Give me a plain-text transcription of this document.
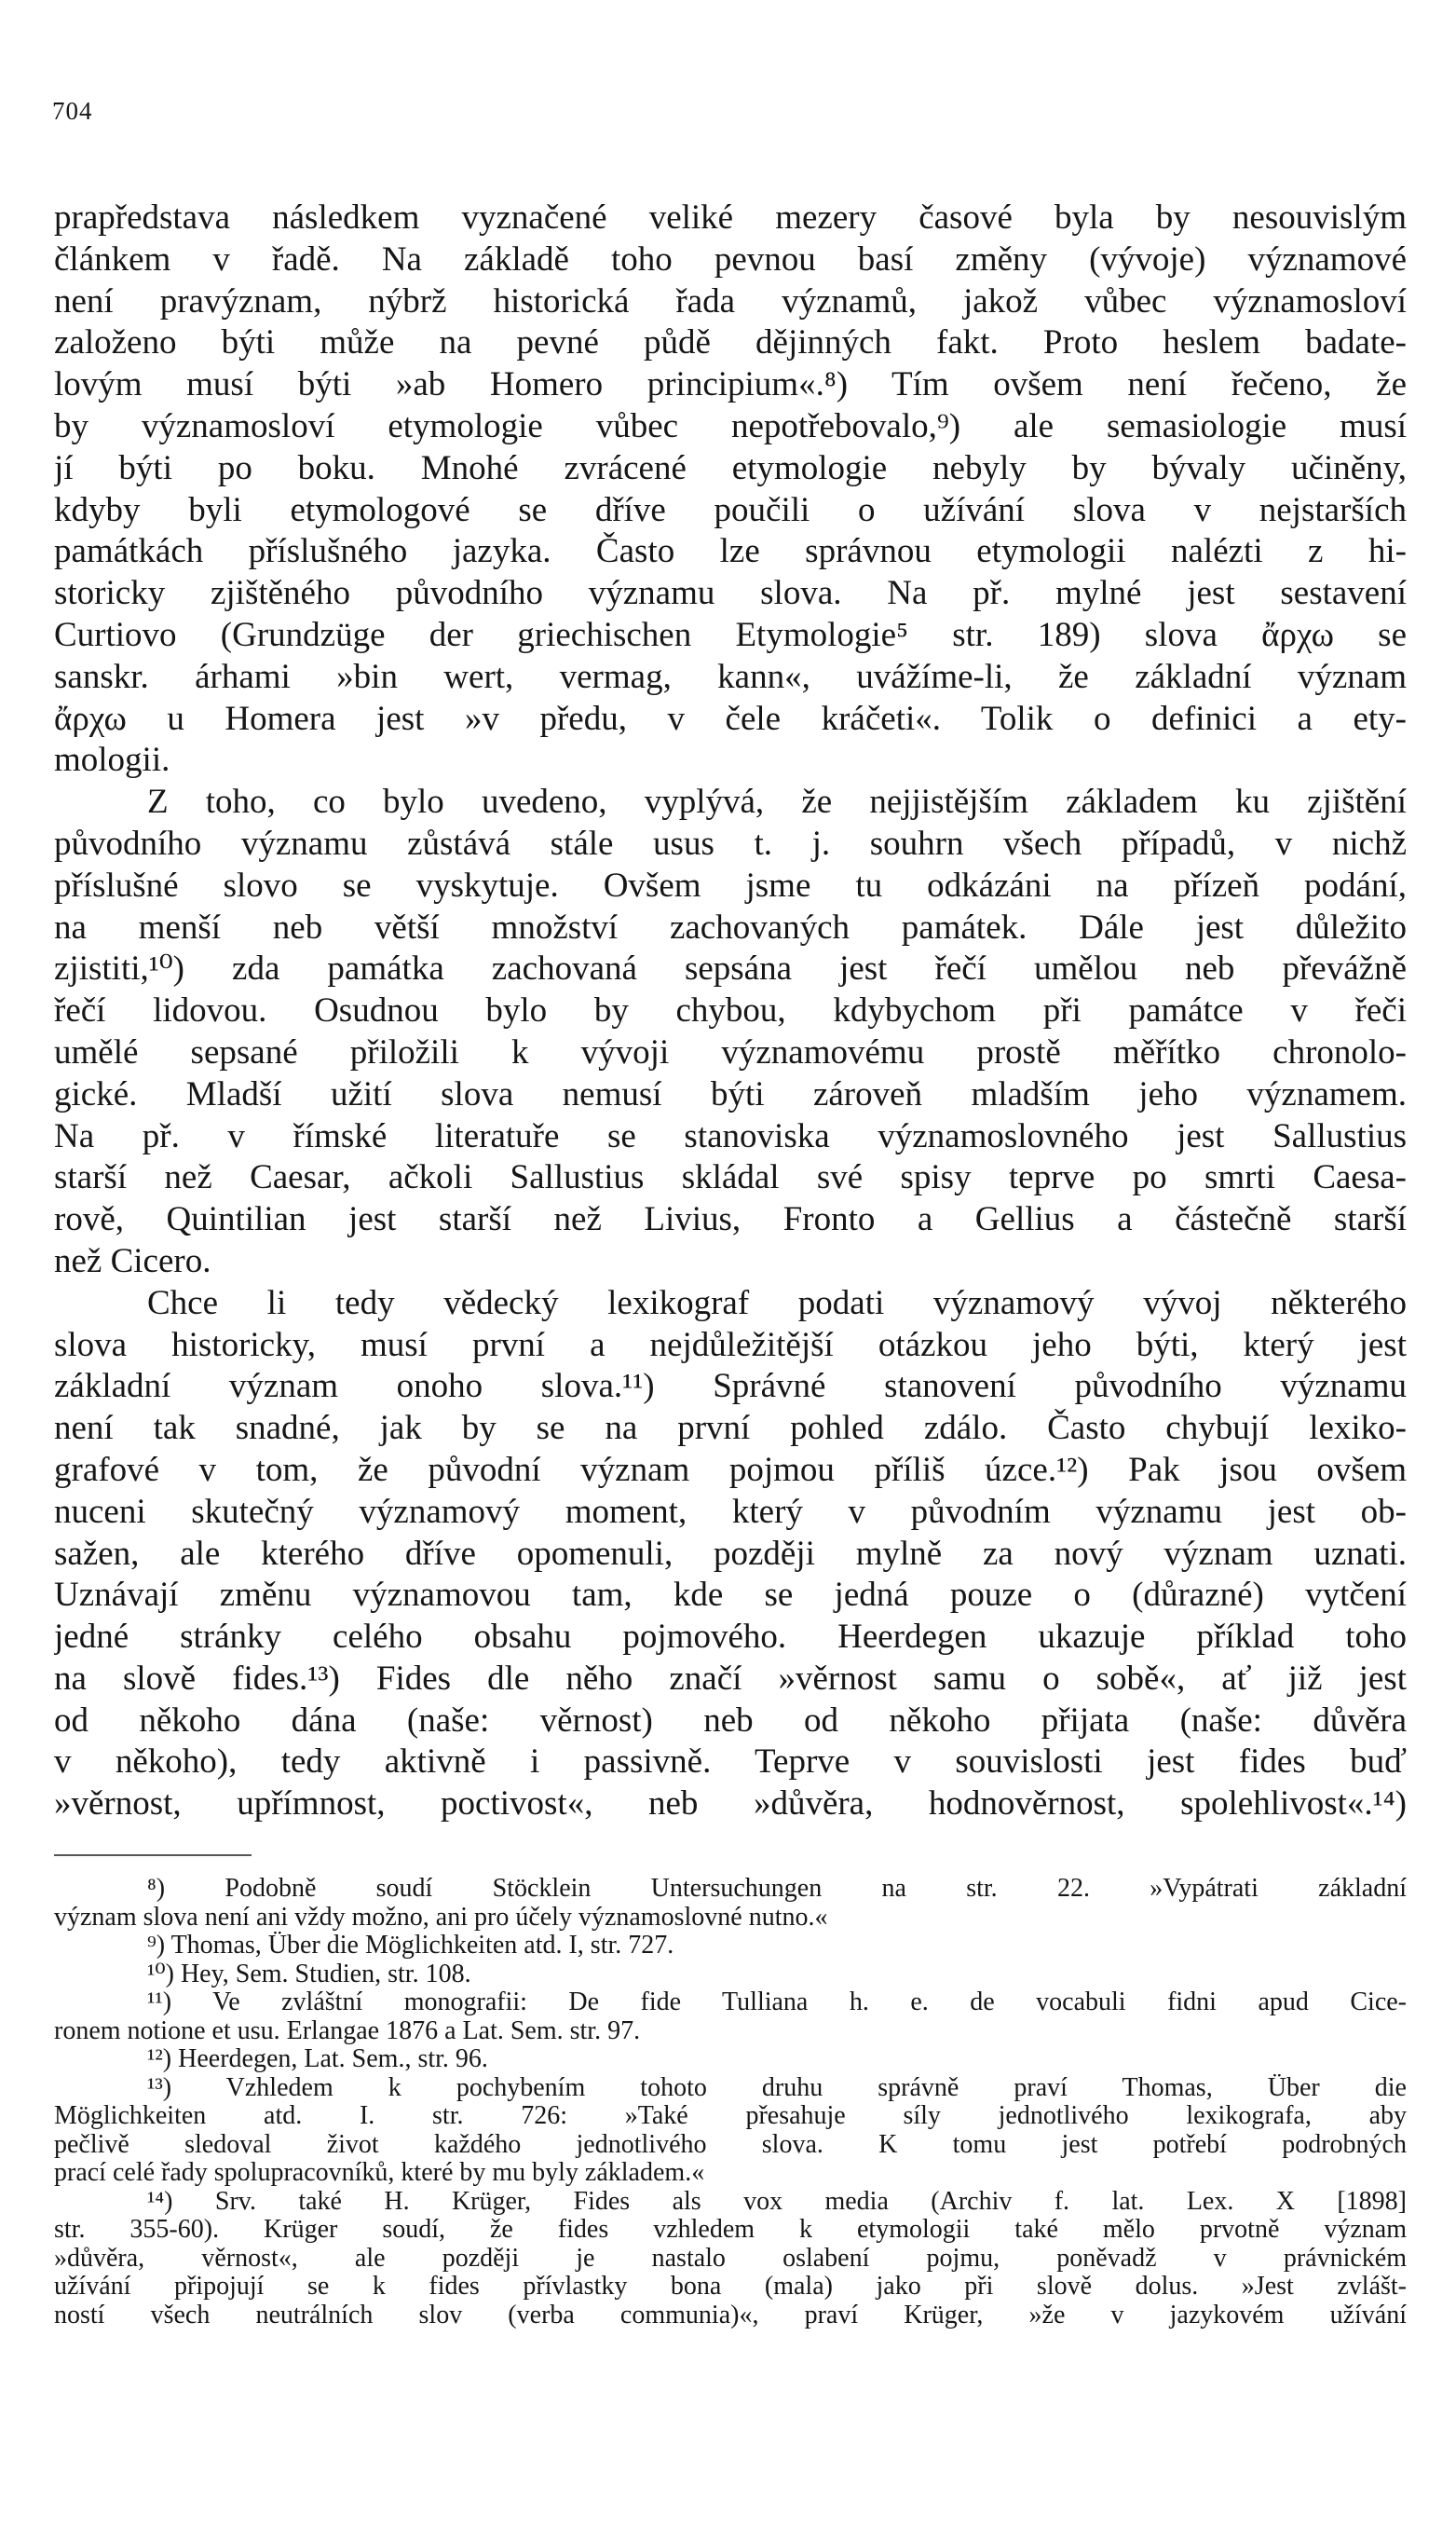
704
prapředstava následkem vyznačené veliké mezery časové byla by nesouvislým
článkem v řadě. Na základě toho pevnou basí změny (vývoje) významové
není pravýznam, nýbrž historická řada významů, jakož vůbec významosloví
založeno býti může na pevné půdě dějinných fakt. Proto heslem badate-
lovým musí býti »ab Homero principium«.⁸) Tím ovšem není řečeno, že
by významosloví etymologie vůbec nepotřebovalo,⁹) ale semasiologie musí
jí býti po boku. Mnohé zvrácené etymologie nebyly by bývaly učiněny,
kdyby byli etymologové se dříve poučili o užívání slova v nejstarších
památkách příslušného jazyka. Často lze správnou etymologii nalézti z hi-
storicky zjištěného původního významu slova. Na př. mylné jest sestavení
Curtiovo (Grundzüge der griechischen Etymologie⁵ str. 189) slova ἄρχω se
sanskr. árhami »bin wert, vermag, kann«, uvážíme-li, že základní význam
ἄρχω u Homera jest »v předu, v čele kráčeti«. Tolik o definici a ety-
mologii.
Z toho, co bylo uvedeno, vyplývá, že nejjistějším základem ku zjištění
původního významu zůstává stále usus t. j. souhrn všech případů, v nichž
příslušné slovo se vyskytuje. Ovšem jsme tu odkázáni na přízeň podání,
na menší neb větší množství zachovaných památek. Dále jest důležito
zjistiti,¹⁰) zda památka zachovaná sepsána jest řečí umělou neb převážně
řečí lidovou. Osudnou bylo by chybou, kdybychom při památce v řeči
umělé sepsané přiložili k vývoji významovému prostě měřítko chronolo-
gické. Mladší užití slova nemusí býti zároveň mladším jeho významem.
Na př. v římské literatuře se stanoviska významoslovného jest Sallustius
starší než Caesar, ačkoli Sallustius skládal své spisy teprve po smrti Caesa-
rově, Quintilian jest starší než Livius, Fronto a Gellius a částečně starší
než Cicero.
Chce li tedy vědecký lexikograf podati významový vývoj některého
slova historicky, musí první a nejdůležitější otázkou jeho býti, který jest
základní význam onoho slova.¹¹) Správné stanovení původního významu
není tak snadné, jak by se na první pohled zdálo. Často chybují lexiko-
grafové v tom, že původní význam pojmou příliš úzce.¹²) Pak jsou ovšem
nuceni skutečný významový moment, který v původním významu jest ob-
sažen, ale kterého dříve opomenuli, později mylně za nový význam uznati.
Uznávají změnu významovou tam, kde se jedná pouze o (důrazné) vytčení
jedné stránky celého obsahu pojmového. Heerdegen ukazuje příklad toho
na slově fides.¹³) Fides dle něho značí »věrnost samu o sobě«, ať již jest
od někoho dána (naše: věrnost) neb od někoho přijata (naše: důvěra
v někoho), tedy aktivně i passivně. Teprve v souvislosti jest fides buď
»věrnost, upřímnost, poctivost«, neb »důvěra, hodnověrnost, spolehlivost«.¹⁴)
⁸) Podobně soudí Stöcklein Untersuchungen na str. 22. »Vypátrati základní
význam slova není ani vždy možno, ani pro účely významoslovné nutno.«
⁹) Thomas, Über die Möglichkeiten atd. I, str. 727.
¹⁰) Hey, Sem. Studien, str. 108.
¹¹) Ve zvláštní monografii: De fide Tulliana h. e. de vocabuli fidni apud Cice-
ronem notione et usu. Erlangae 1876 a Lat. Sem. str. 97.
¹²) Heerdegen, Lat. Sem., str. 96.
¹³) Vzhledem k pochybením tohoto druhu správně praví Thomas, Über die
Möglichkeiten atd. I. str. 726: »Také přesahuje síly jednotlivého lexikografa, aby
pečlivě sledoval život každého jednotlivého slova. K tomu jest potřebí podrobných
prací celé řady spolupracovníků, které by mu byly základem.«
¹⁴) Srv. také H. Krüger, Fides als vox media (Archiv f. lat. Lex. X [1898]
str. 355-60). Krüger soudí, že fides vzhledem k etymologii také mělo prvotně význam
»důvěra, věrnost«, ale později je nastalo oslabení pojmu, poněvadž v právnickém
užívání připojují se k fides přívlastky bona (mala) jako při slově dolus. »Jest zvlášt-
ností všech neutrálních slov (verba communia)«, praví Krüger, »že v jazykovém užívání
